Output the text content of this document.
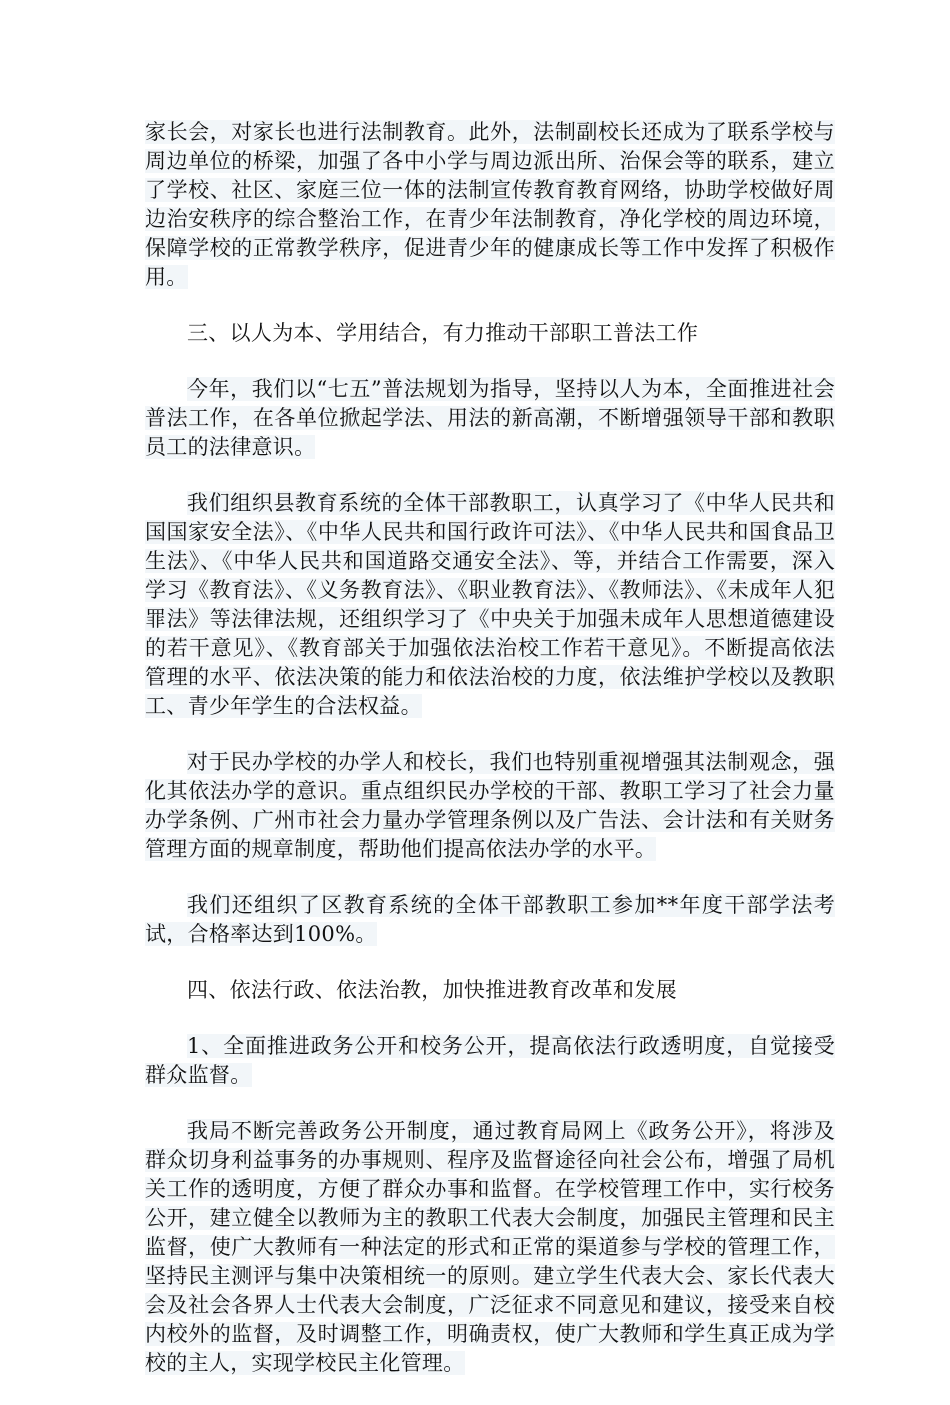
家长会，对家长也进行法制教育。此外，法制副校长还成为了联系学校与周边单位的桥梁，加强了各中小学与周边派出所、治保会等的联系，建立了学校、社区、家庭三位一体的法制宣传教育教育网络，协助学校做好周边治安秩序的综合整治工作，在青少年法制教育，净化学校的周边环境，保障学校的正常教学秩序，促进青少年的健康成长等工作中发挥了积极作用。

三、以人为本、学用结合，有力推动干部职工普法工作

今年，我们以“七五”普法规划为指导，坚持以人为本，全面推进社会普法工作，在各单位掀起学法、用法的新高潮，不断增强领导干部和教职员工的法律意识。

我们组织县教育系统的全体干部教职工，认真学习了《中华人民共和国国家安全法》、《中华人民共和国行政许可法》、《中华人民共和国食品卫生法》、《中华人民共和国道路交通安全法》、等，并结合工作需要，深入学习《教育法》、《义务教育法》、《职业教育法》、《教师法》、《未成年人犯罪法》等法律法规，还组织学习了《中央关于加强未成年人思想道德建设的若干意见》、《教育部关于加强依法治校工作若干意见》。不断提高依法管理的水平、依法决策的能力和依法治校的力度，依法维护学校以及教职工、青少年学生的合法权益。

对于民办学校的办学人和校长，我们也特别重视增强其法制观念，强化其依法办学的意识。重点组织民办学校的干部、教职工学习了社会力量办学条例、广州市社会力量办学管理条例以及广告法、会计法和有关财务管理方面的规章制度，帮助他们提高依法办学的水平。

我们还组织了区教育系统的全体干部教职工参加**年度干部学法考试，合格率达到100%。

四、依法行政、依法治教，加快推进教育改革和发展

1、全面推进政务公开和校务公开，提高依法行政透明度，自觉接受群众监督。

我局不断完善政务公开制度，通过教育局网上《政务公开》，将涉及群众切身利益事务的办事规则、程序及监督途径向社会公布，增强了局机关工作的透明度，方便了群众办事和监督。在学校管理工作中，实行校务公开，建立健全以教师为主的教职工代表大会制度，加强民主管理和民主监督，使广大教师有一种法定的形式和正常的渠道参与学校的管理工作，坚持民主测评与集中决策相统一的原则。建立学生代表大会、家长代表大会及社会各界人士代表大会制度，广泛征求不同意见和建议，接受来自校内校外的监督，及时调整工作，明确责权，使广大教师和学生真正成为学校的主人，实现学校民主化管理。
